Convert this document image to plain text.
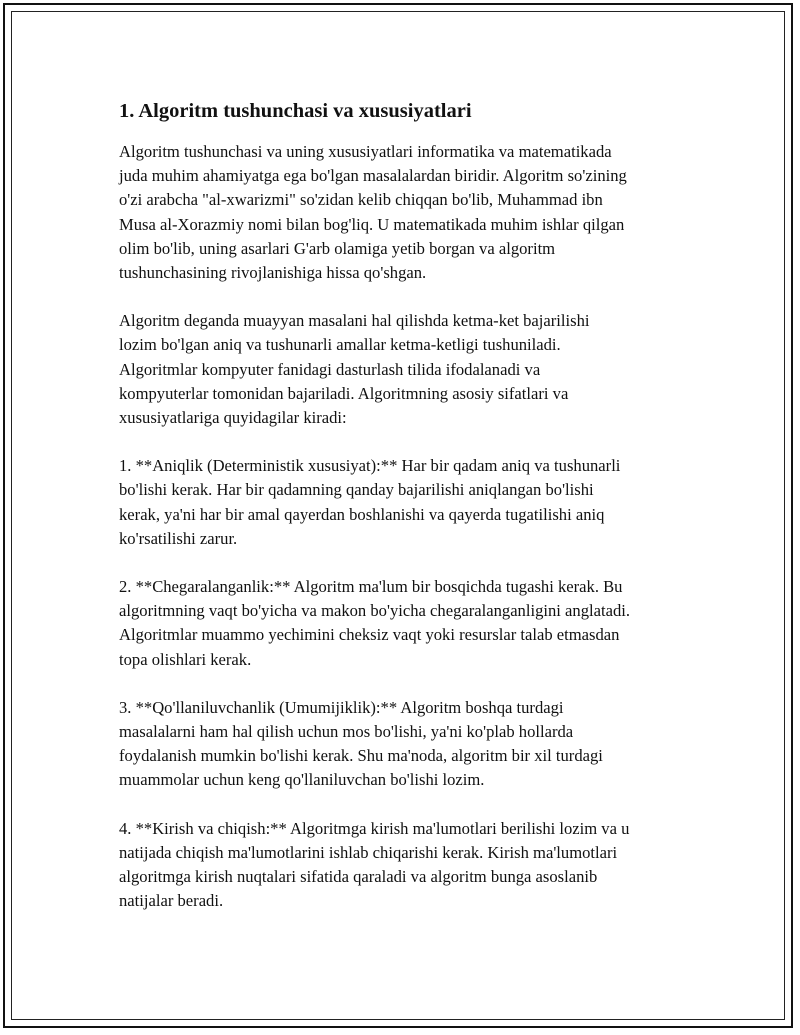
1. Algoritm tushunchasi va xususiyatlari

Algoritm tushunchasi va uning xususiyatlari informatika va matematikada
juda muhim ahamiyatga ega bo'lgan masalalardan biridir. Algoritm so'zining
o'zi arabcha "al-xwarizmi" so'zidan kelib chiqqan bo'lib, Muhammad ibn
Musa al-Xorazmiy nomi bilan bog'liq. U matematikada muhim ishlar qilgan
olim bo'lib, uning asarlari G'arb olamiga yetib borgan va algoritm
tushunchasining rivojlanishiga hissa qo'shgan.

Algoritm deganda muayyan masalani hal qilishda ketma-ket bajarilishi
lozim bo'lgan aniq va tushunarli amallar ketma-ketligi tushuniladi.
Algoritmlar kompyuter fanidagi dasturlash tilida ifodalanadi va
kompyuterlar tomonidan bajariladi. Algoritmning asosiy sifatlari va
xususiyatlariga quyidagilar kiradi:

1. **Aniqlik (Deterministik xususiyat):** Har bir qadam aniq va tushunarli
bo'lishi kerak. Har bir qadamning qanday bajarilishi aniqlangan bo'lishi
kerak, ya'ni har bir amal qayerdan boshlanishi va qayerda tugatilishi aniq
ko'rsatilishi zarur.

2. **Chegaralanganlik:** Algoritm ma'lum bir bosqichda tugashi kerak. Bu
algoritmning vaqt bo'yicha va makon bo'yicha chegaralanganligini anglatadi.
Algoritmlar muammo yechimini cheksiz vaqt yoki resurslar talab etmasdan
topa olishlari kerak.

3. **Qo'llaniluvchanlik (Umumijiklik):** Algoritm boshqa turdagi
masalalarni ham hal qilish uchun mos bo'lishi, ya'ni ko'plab hollarda
foydalanish mumkin bo'lishi kerak. Shu ma'noda, algoritm bir xil turdagi
muammolar uchun keng qo'llaniluvchan bo'lishi lozim.

4. **Kirish va chiqish:** Algoritmga kirish ma'lumotlari berilishi lozim va u
natijada chiqish ma'lumotlarini ishlab chiqarishi kerak. Kirish ma'lumotlari
algoritmga kirish nuqtalari sifatida qaraladi va algoritm bunga asoslanib
natijalar beradi.
